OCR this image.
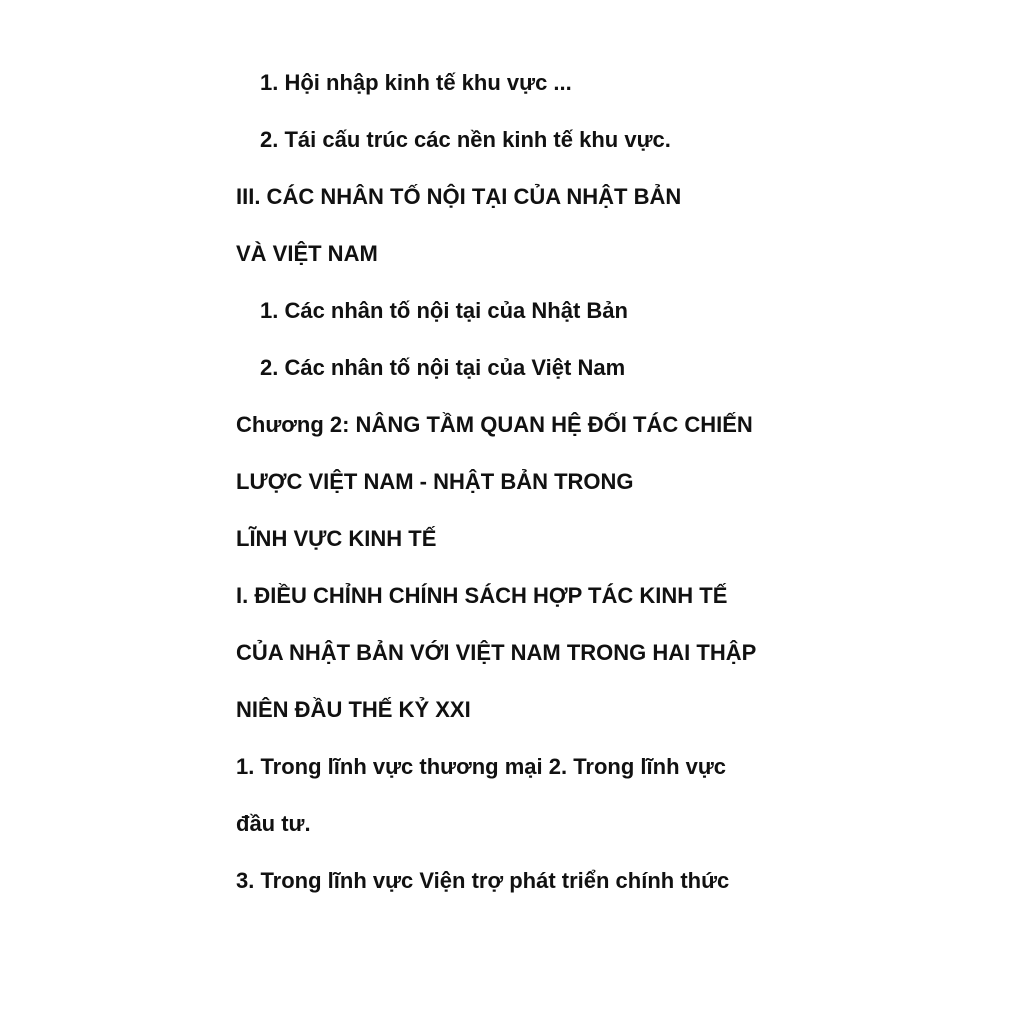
1. Hội nhập kinh tế khu vực ...
2. Tái cấu trúc các nền kinh tế khu vực.
III. CÁC NHÂN TỐ NỘI TẠI CỦA NHẬT BẢN
VÀ VIỆT NAM
1. Các nhân tố nội tại của Nhật Bản
2. Các nhân tố nội tại của Việt Nam
Chương 2: NÂNG TẦM QUAN HỆ ĐỐI TÁC CHIẾN
LƯỢC VIỆT NAM - NHẬT BẢN TRONG
LĨNH VỰC KINH TẾ
I. ĐIỀU CHỈNH CHÍNH SÁCH HỢP TÁC KINH TẾ
CỦA NHẬT BẢN VỚI VIỆT NAM TRONG HAI THẬP
NIÊN ĐẦU THẾ KỶ XXI
1. Trong lĩnh vực thương mại 2. Trong lĩnh vực
đầu tư.
3. Trong lĩnh vực Viện trợ phát triển chính thức
